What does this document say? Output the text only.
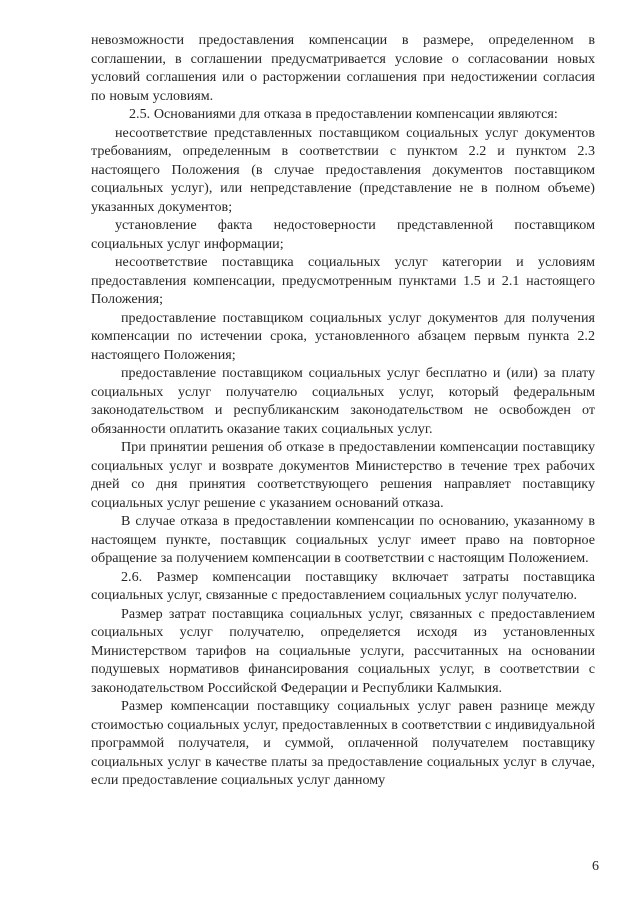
невозможности предоставления компенсации в размере, определенном в соглашении, в соглашении предусматривается условие о согласовании новых условий соглашения или о расторжении соглашения при недостижении согласия по новым условиям.

2.5. Основаниями для отказа в предоставлении компенсации являются:

несоответствие представленных поставщиком социальных услуг документов требованиям, определенным в соответствии с пунктом 2.2 и пунктом 2.3 настоящего Положения (в случае предоставления документов поставщиком социальных услуг), или непредставление (представление не в полном объеме) указанных документов;

установление факта недостоверности представленной поставщиком социальных услуг информации;

несоответствие поставщика социальных услуг категории и условиям предоставления компенсации, предусмотренным пунктами 1.5 и 2.1 настоящего Положения;

предоставление поставщиком социальных услуг документов для получения компенсации по истечении срока, установленного абзацем первым пункта 2.2 настоящего Положения;

предоставление поставщиком социальных услуг бесплатно и (или) за плату социальных услуг получателю социальных услуг, который федеральным законодательством и республиканским законодательством не освобожден от обязанности оплатить оказание таких социальных услуг.

При принятии решения об отказе в предоставлении компенсации поставщику социальных услуг и возврате документов Министерство в течение трех рабочих дней со дня принятия соответствующего решения направляет поставщику социальных услуг решение с указанием оснований отказа.

В случае отказа в предоставлении компенсации по основанию, указанному в настоящем пункте, поставщик социальных услуг имеет право на повторное обращение за получением компенсации в соответствии с настоящим Положением.

2.6. Размер компенсации поставщику включает затраты поставщика социальных услуг, связанные с предоставлением социальных услуг получателю.

Размер затрат поставщика социальных услуг, связанных с предоставлением социальных услуг получателю, определяется исходя из установленных Министерством тарифов на социальные услуги, рассчитанных на основании подушевых нормативов финансирования социальных услуг, в соответствии с законодательством Российской Федерации и Республики Калмыкия.

Размер компенсации поставщику социальных услуг равен разнице между стоимостью социальных услуг, предоставленных в соответствии с индивидуальной программой получателя, и суммой, оплаченной получателем поставщику социальных услуг в качестве платы за предоставление социальных услуг в случае, если предоставление социальных услуг данному

6
